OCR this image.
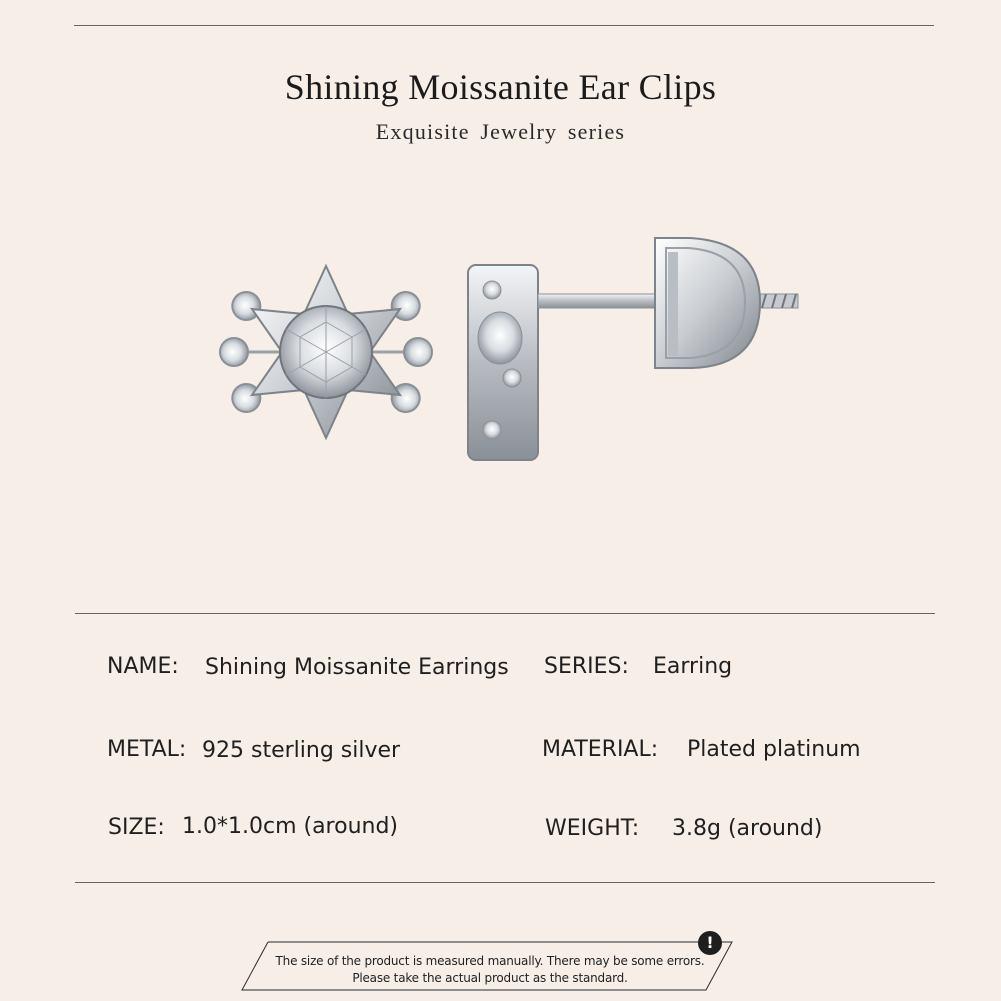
Shining Moissanite Ear Clips
Exquisite Jewelry series
NAME: Shining Moissanite Earrings SERIES: Earring
METAL: 925 sterling silver	MATERIAL: Plated platinum
SIZE: 1.0*1.0cm (around)	WEIGHT: 3.8g (around)
!
The size of the product is measured manually. There may be some errors.
Please take the actual product as the standard.
